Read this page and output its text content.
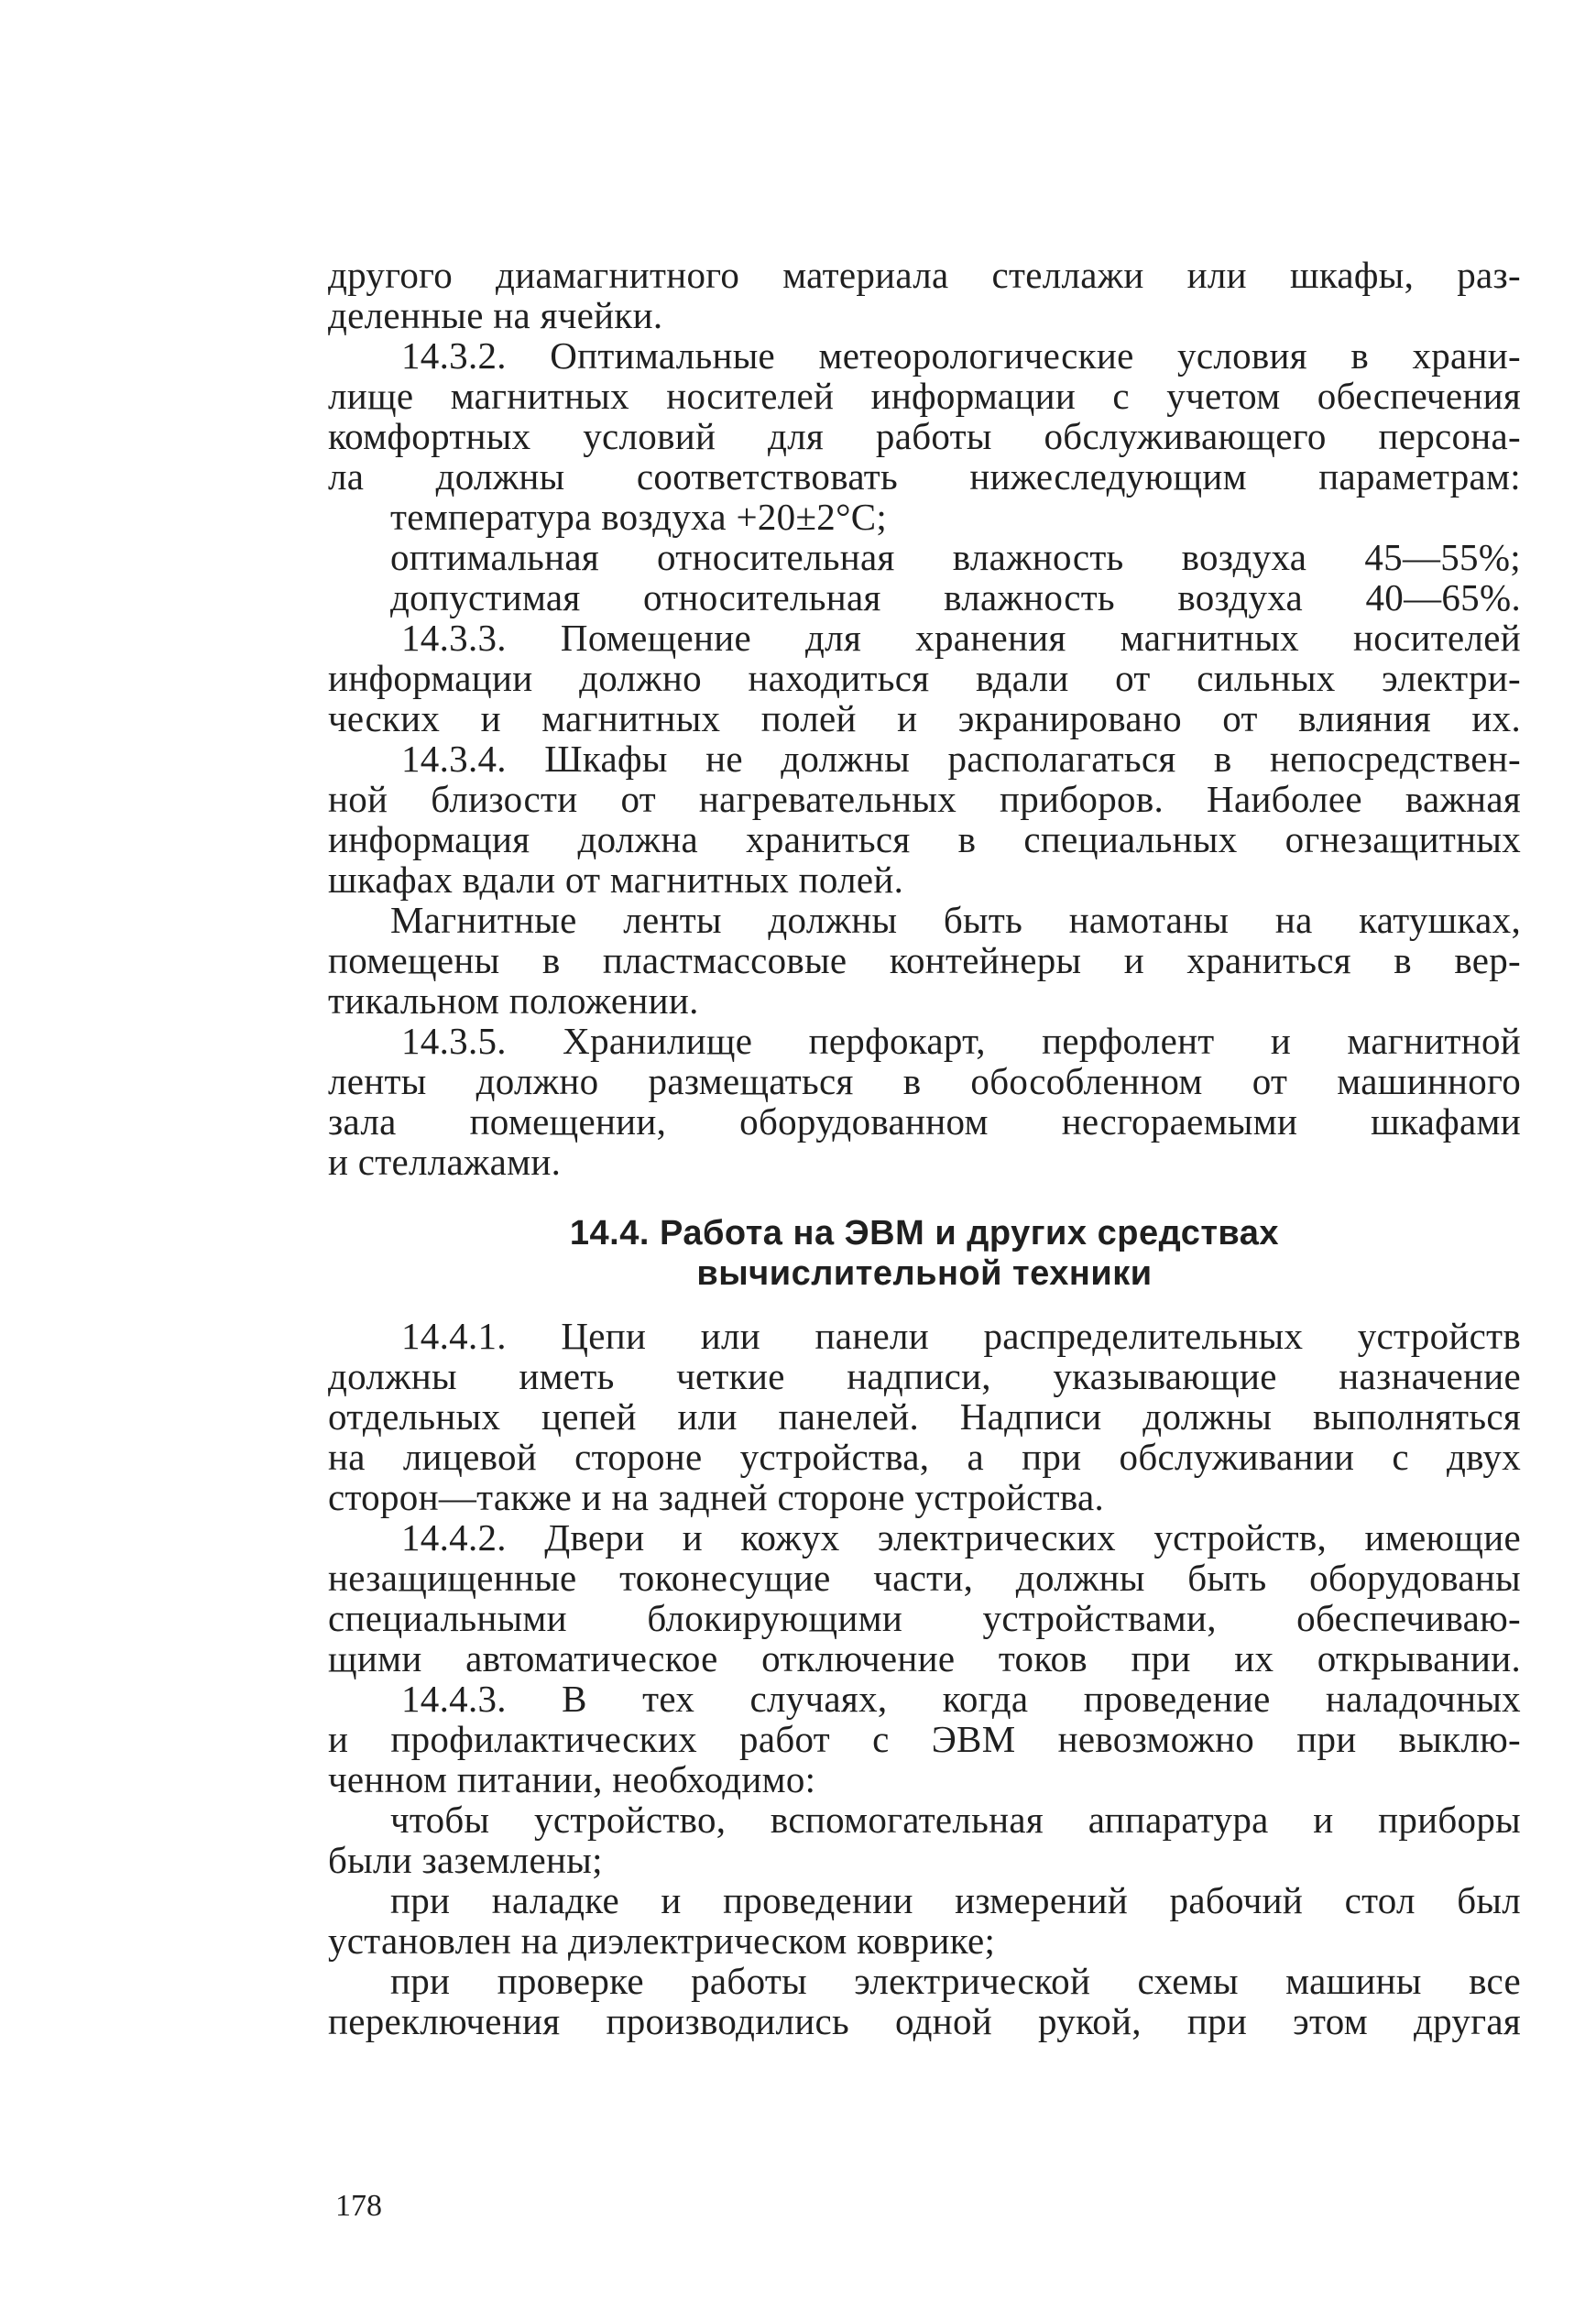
другого диамагнитного материала стеллажи или шкафы, раз-
деленные на ячейки.
14.3.2. Оптимальные метеорологические условия в храни-
лище магнитных носителей информации с учетом обеспечения
комфортных условий для работы обслуживающего персона-
ла должны соответствовать нижеследующим параметрам:
температура воздуха +20±2°С;
оптимальная относительная влажность воздуха 45—55%;
допустимая относительная влажность воздуха 40—65%.
14.3.3. Помещение для хранения магнитных носителей
информации должно находиться вдали от сильных электри-
ческих и магнитных полей и экранировано от влияния их.
14.3.4. Шкафы не должны располагаться в непосредствен-
ной близости от нагревательных приборов. Наиболее важная
информация должна храниться в специальных огнезащитных
шкафах вдали от магнитных полей.
Магнитные ленты должны быть намотаны на катушках,
помещены в пластмассовые контейнеры и храниться в вер-
тикальном положении.
14.3.5. Хранилище перфокарт, перфолент и магнитной
ленты должно размещаться в обособленном от машинного
зала помещении, оборудованном несгораемыми шкафами
и стеллажами.
14.4. Работа на ЭВМ и других средствах
вычислительной техники
14.4.1. Цепи или панели распределительных устройств
должны иметь четкие надписи, указывающие назначение
отдельных цепей или панелей. Надписи должны выполняться
на лицевой стороне устройства, а при обслуживании с двух
сторон—также и на задней стороне устройства.
14.4.2. Двери и кожух электрических устройств, имеющие
незащищенные токонесущие части, должны быть оборудованы
специальными блокирующими устройствами, обеспечиваю-
щими автоматическое отключение токов при их открывании.
14.4.3. В тех случаях, когда проведение наладочных
и профилактических работ с ЭВМ невозможно при выклю-
ченном питании, необходимо:
чтобы устройство, вспомогательная аппаратура и приборы
были заземлены;
при наладке и проведении измерений рабочий стол был
установлен на диэлектрическом коврике;
при проверке работы электрической схемы машины все
переключения производились одной рукой, при этом другая
178
